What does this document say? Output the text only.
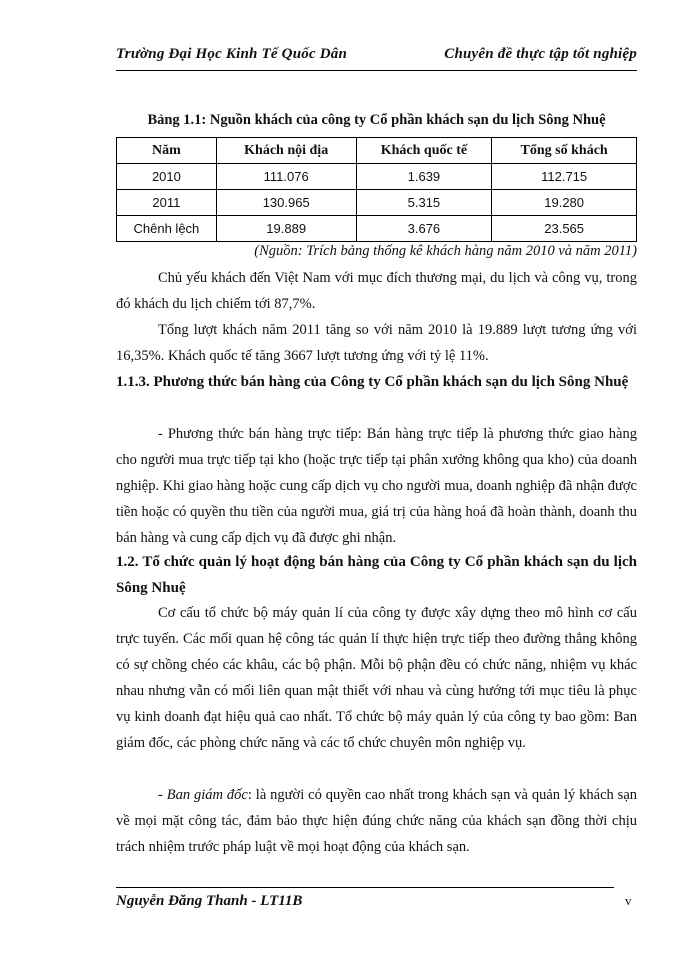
Trường Đại Học Kinh Tế Quốc Dân	Chuyên đề thực tập tốt nghiệp
Bảng 1.1: Nguồn khách của công ty Cổ phần khách sạn du lịch Sông Nhuệ
Năm	Khách nội địa	Khách quốc tế	Tổng số khách
2010	111.076	1.639	112.715
2011	130.965	5.315	19.280
Chênh lệch	19.889	3.676	23.565
(Nguồn: Trích bảng thống kê khách hàng năm 2010 và năm 2011)

Chủ yếu khách đến Việt Nam với mục đích thương mại, du lịch và công vụ, trong đó khách du lịch chiếm tới 87,7%.

Tổng lượt khách năm 2011 tăng so với năm 2010 là 19.889 lượt tương ứng với 16,35%. Khách quốc tế tăng 3667 lượt tương ứng với tỷ lệ 11%.

1.1.3. Phương thức bán hàng của Công ty Cổ phần khách sạn du lịch Sông Nhuệ

- Phương thức bán hàng trực tiếp: Bán hàng trực tiếp là phương thức giao hàng cho người mua trực tiếp tại kho (hoặc trực tiếp tại phân xưởng không qua kho) của doanh nghiệp. Khi giao hàng hoặc cung cấp dịch vụ cho người mua, doanh nghiệp đã nhận được tiền hoặc có quyền thu tiền của người mua, giá trị của hàng hoá đã hoàn thành, doanh thu bán hàng và cung cấp dịch vụ đã được ghi nhận.

1.2. Tổ chức quản lý hoạt động bán hàng của Công ty Cổ phần khách sạn du lịch Sông Nhuệ

Cơ cấu tổ chức bộ máy quản lí của công ty được xây dựng theo mô hình cơ cấu trực tuyến. Các mối quan hệ công tác quản lí thực hiện trực tiếp theo đường thẳng không có sự chồng chéo các khâu, các bộ phận. Mỗi bộ phận đều có chức năng, nhiệm vụ khác nhau nhưng vẫn có mối liên quan mật thiết với nhau và cùng hướng tới mục tiêu là phục vụ kinh doanh đạt hiệu quả cao nhất. Tổ chức bộ máy quản lý của công ty bao gồm: Ban giám đốc, các phòng chức năng và các tổ chức chuyên môn nghiệp vụ.

- Ban giám đốc: là người có quyền cao nhất trong khách sạn và quản lý khách sạn về mọi mặt công tác, đảm bảo thực hiện đúng chức năng của khách sạn đồng thời chịu trách nhiệm trước pháp luật về mọi hoạt động của khách sạn.

Nguyễn Đăng Thanh - LT11B	v
